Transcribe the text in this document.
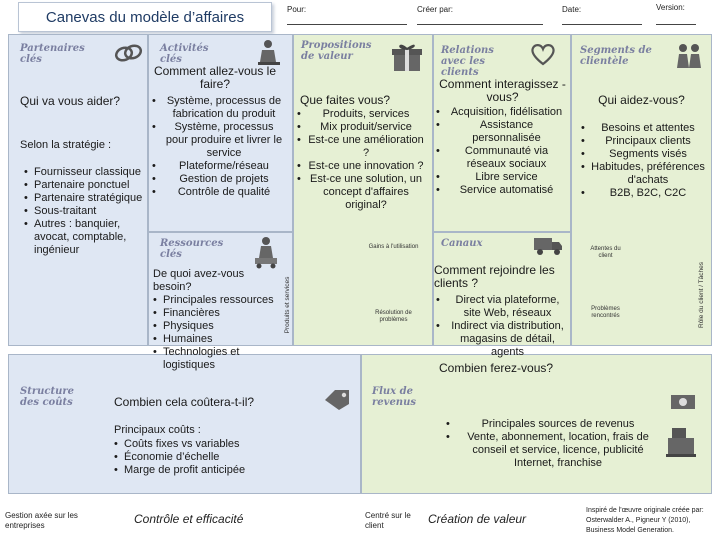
Canevas du modèle d’affaires	Pour:	Créer par:	Date:	Version:
Partenaires clés
Qui va vous aider?
Selon la stratégie :
• Fournisseur classique
• Partenaire ponctuel
• Partenaire stratégique
• Sous-traitant
• Autres : banquier, avocat, comptable, ingénieur
Activités clés
Comment allez-vous le faire?
• Système, processus de fabrication du produit
• Système, processus pour produire et livrer le service
• Plateforme/réseau
• Gestion de projets
• Contrôle de qualité
Ressources clés
De quoi avez-vous besoin?
• Principales ressources
• Financières
• Physiques
• Humaines
• Technologies et logistiques
Propositions de valeur
Que faites vous?
• Produits, services
• Mix produit/service
• Est-ce une amélioration ?
• Est-ce une innovation ?
• Est-ce une solution, un concept d'affaires original?
Gains à l'utilisation
Résolution de problèmes
Produits et services
Relations avec les clients
Comment interagissez -vous?
• Acquisition, fidélisation
• Assistance personnalisée
• Communauté via réseaux sociaux
• Libre service
• Service automatisé
Canaux
Comment rejoindre les clients ?
• Direct via plateforme, site Web, réseaux
• Indirect via distribution, magasins de détail, agents
Segments de clientèle
Qui aidez-vous?
• Besoins et attentes
• Principaux clients
• Segments visés
• Habitudes, préférences d'achats
• B2B, B2C, C2C
Attentes du client
Problèmes rencontrés	Rôle du client / Tâches
Structure des coûts	Combien cela coûtera-t-il?
Principaux coûts :
• Coûts fixes vs variables
• Économie d’échelle
• Marge de profit anticipée
Flux de revenus
Combien ferez-vous?
• Principales sources de revenus
• Vente, abonnement, location, frais de conseil et service, licence, publicité Internet, franchise
Gestion axée sur les entreprises	Contrôle et efficacité	Centré sur le client	Création de valeur
Inspiré de l'œuvre originale créée par: Osterwalder A., Pigneur Y (2010), Business Model Generation.
